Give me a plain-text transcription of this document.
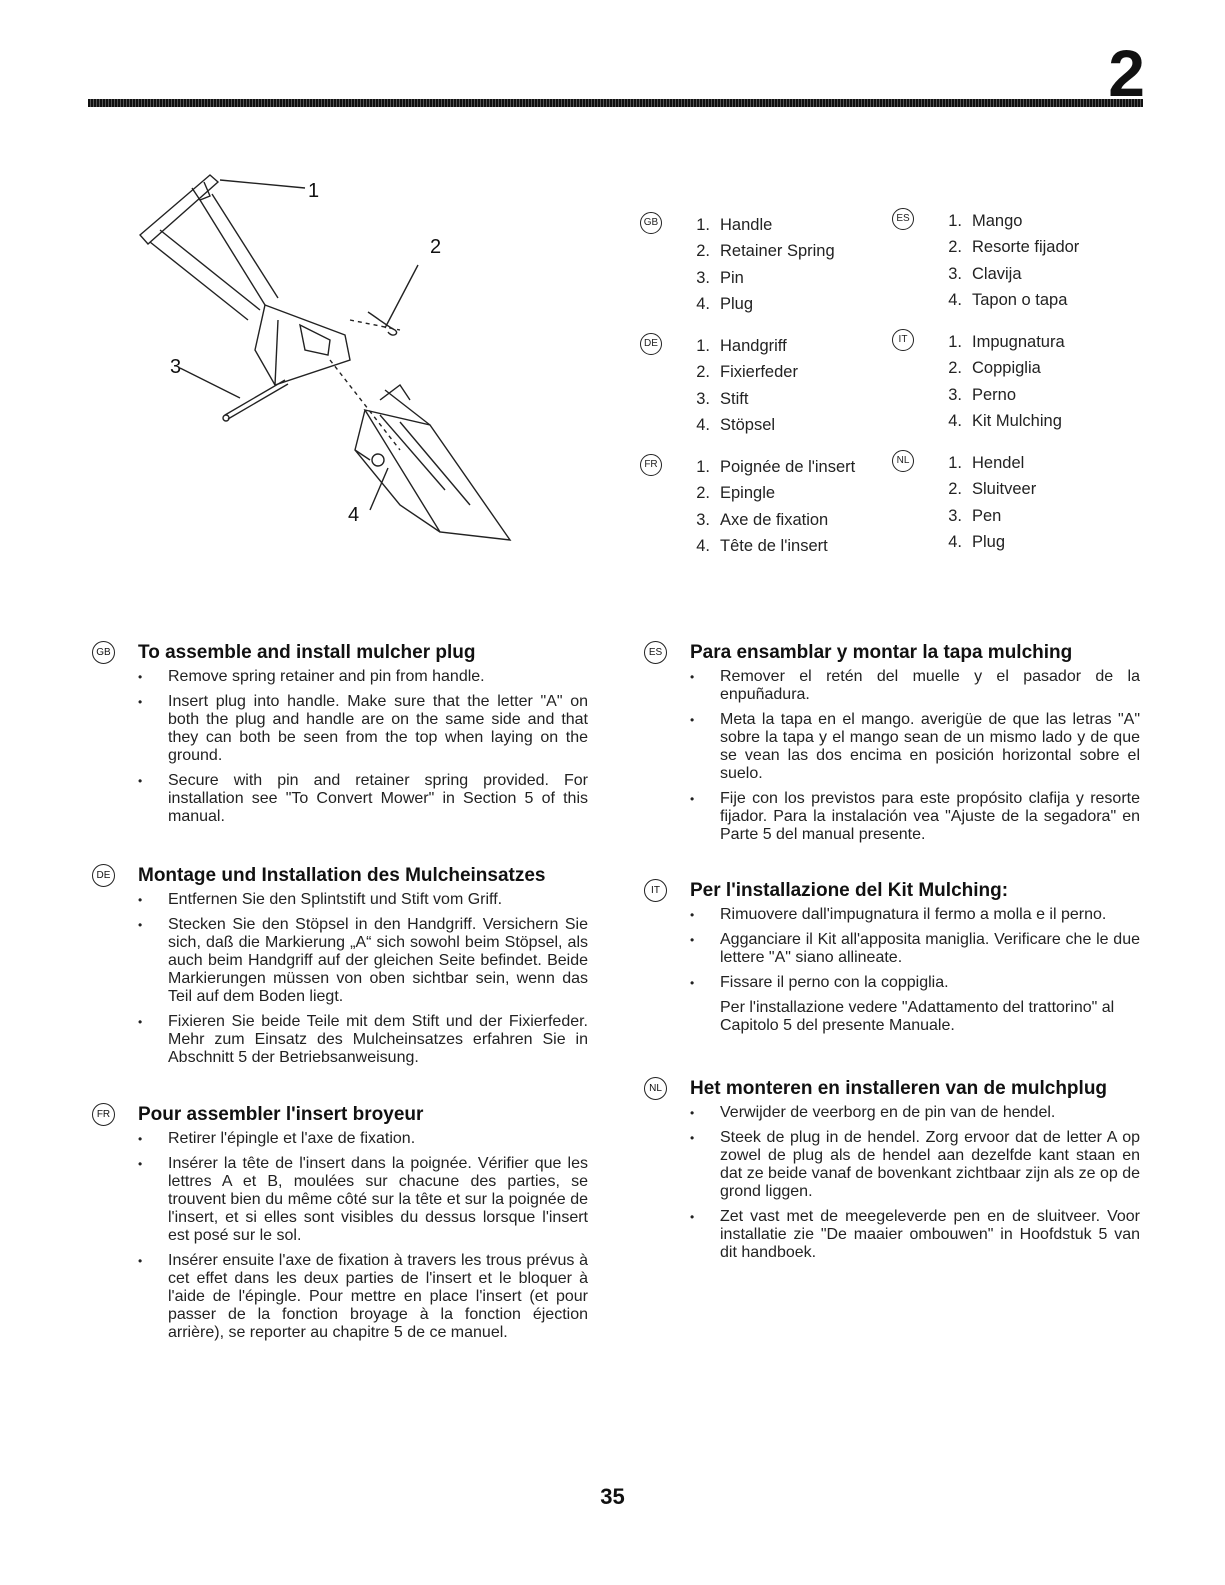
2
1
2
3
4
GB	1. Handle
2. Retainer Spring
3. Pin
4. Plug
DE	1. Handgriff
2. Fixierfeder
3. Stift
4. Stöpsel
FR	1. Poignée de l'insert
2. Epingle
3. Axe de fixation
4. Tête de l'insert
ES	1. Mango
2. Resorte fijador
3. Clavija
4. Tapon o tapa
IT	1. Impugnatura
2. Coppiglia
3. Perno
4. Kit Mulching
NL	1. Hendel
2. Sluitveer
3. Pen
4. Plug
GB To assemble and install mulcher plug
• Remove spring retainer and pin from handle.
• Insert plug into handle. Make sure that the letter "A" on both the plug and handle are on the same side and that they can both be seen from the top when laying on the ground.
• Secure with pin and retainer spring provided. For installation see "To Convert Mower" in Section 5 of this manual.
DE Montage und Installation des Mulcheinsatzes
• Entfernen Sie den Splintstift und Stift vom Griff.
• Stecken Sie den Stöpsel in den Handgriff. Versichern Sie sich, daß die Markierung „A“ sich sowohl beim Stöpsel, als auch beim Handgriff auf der gleichen Seite befindet. Beide Markierungen müssen von oben sichtbar sein, wenn das Teil auf dem Boden liegt.
• Fixieren Sie beide Teile mit dem Stift und der Fixierfeder. Mehr zum Einsatz des Mulcheinsatzes erfahren Sie in Abschnitt 5 der Betriebsanweisung.
FR Pour assembler l'insert broyeur
• Retirer l'épingle et l'axe de fixation.
• Insérer la tête de l'insert dans la poignée. Vérifier que les lettres A et B, moulées sur chacune des parties, se trouvent bien du même côté sur la tête et sur la poignée de l'insert, et si elles sont visibles du dessus lorsque l'insert est posé sur le sol.
• Insérer ensuite l'axe de fixation à travers les trous prévus à cet effet dans les deux parties de l'insert et le bloquer à l'aide de l'épingle. Pour mettre en place l'insert (et pour passer de la fonction broyage à la fonction éjection arrière), se reporter au chapitre 5 de ce manuel.
ES Para ensamblar y montar la tapa mulching
• Remover el retén del muelle y el pasador de la enpuñadura.
• Meta la tapa en el mango. averigüe de que las letras "A" sobre la tapa y el mango sean de un mismo lado y de que se vean las dos encima en posición horizontal sobre el suelo.
• Fije con los previstos para este propósito clafija y resorte fijador. Para la instalación vea "Ajuste de la segadora" en Parte 5 del manual presente.
IT	Per l'installazione del Kit Mulching:
• Rimuovere dall'impugnatura il fermo a molla e il perno.
• Agganciare il Kit all'apposita maniglia. Verificare che le due lettere "A" siano allineate.
• Fissare il perno con la coppiglia.

Per l'installazione vedere "Adattamento del trattorino" al Capitolo 5 del presente Manuale.

NL Het monteren en installeren van de mulchplug
• Verwijder de veerborg en de pin van de hendel.
• Steek de plug in de hendel. Zorg ervoor dat de letter A op zowel de plug als de hendel aan dezelfde kant staan en dat ze beide vanaf de bovenkant zichtbaar zijn als ze op de grond liggen.
• Zet vast met de meegeleverde pen en de sluitveer. Voor installatie zie "De maaier ombouwen" in Hoofdstuk 5 van dit handboek.
35
